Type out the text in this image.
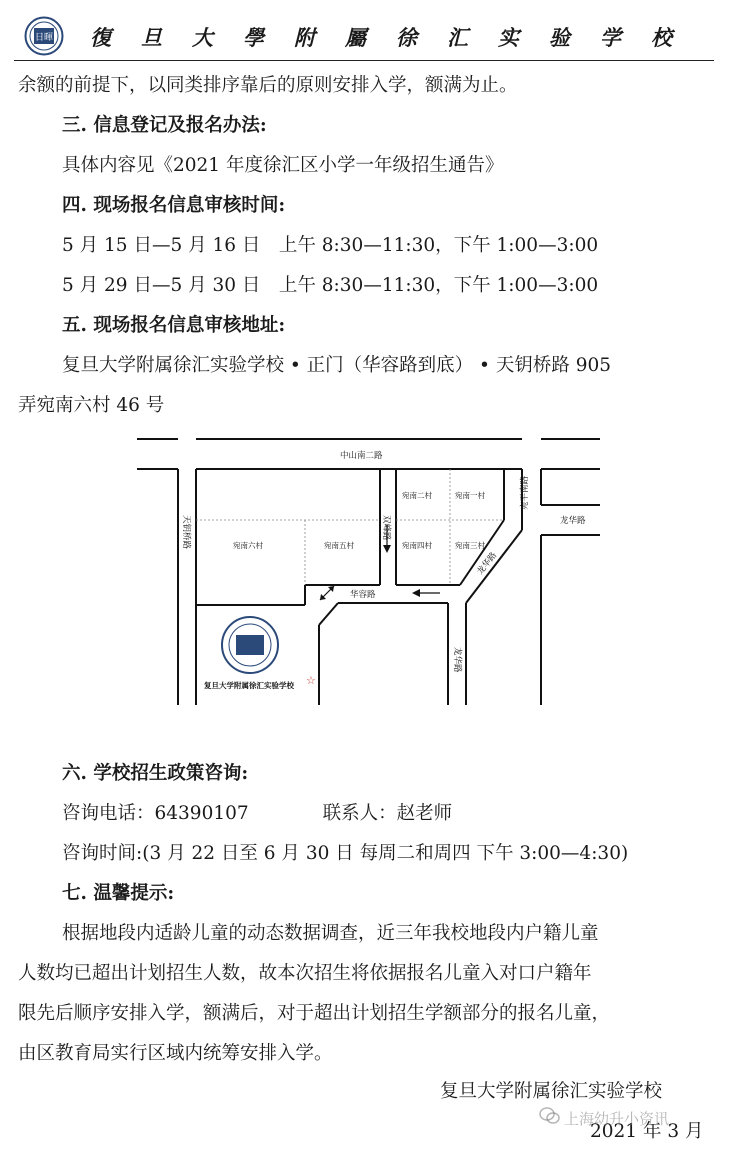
日暉 復旦大學附屬徐汇实验学校
余额的前提下，以同类排序靠后的原则安排入学，额满为止。
三. 信息登记及报名办法:
具体内容见《2021 年度徐汇区小学一年级招生通告》
四. 现场报名信息审核时间:
5 月 15 日—5 月 16 日　上午 8:30—11:30，下午 1:00—3:00
5 月 29 日—5 月 30 日　上午 8:30—11:30，下午 1:00—3:00
五. 现场报名信息审核地址:
复旦大学附属徐汇实验学校 • 正门（华容路到底） • 天钥桥路 905
弄宛南六村 46 号
中山南二路
天钥桥路	双峰路
华容路
龙华路
龙华路
宛平南路
龙华路
宛南六村	宛南五村
宛南二村	宛南一村
宛南四村	宛南三村
复旦大学附属徐汇实验学校 ☆
六. 学校招生政策咨询:
咨询电话：64390107　　　　联系人：赵老师
咨询时间:(3 月 22 日至 6 月 30 日 每周二和周四 下午 3:00—4:30)
七. 温馨提示:
根据地段内适龄儿童的动态数据调查，近三年我校地段内户籍儿童
人数均已超出计划招生人数，故本次招生将依据报名儿童入对口户籍年
限先后顺序安排入学，额满后，对于超出计划招生学额部分的报名儿童，
由区教育局实行区域内统筹安排入学。
复旦大学附属徐汇实验学校
2021 年 3 月
上海幼升小资讯
